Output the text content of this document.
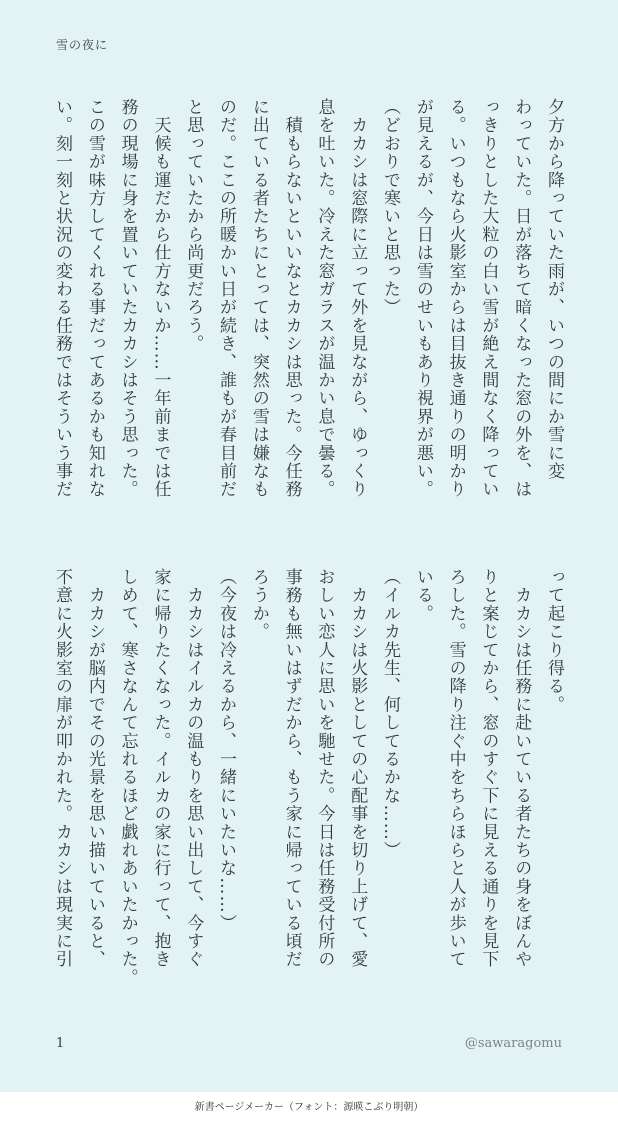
雪の夜に
夕方から降っていた雨が、いつの間にか雪に変
わっていた。日が落ちて暗くなった窓の外を、は
っきりとした大粒の白い雪が絶え間なく降ってい
る。いつもなら火影室からは目抜き通りの明かり
が見えるが、今日は雪のせいもあり視界が悪い。
（どおりで寒いと思った）
　カカシは窓際に立って外を見ながら、ゆっくり
息を吐いた。冷えた窓ガラスが温かい息で曇る。
　積もらないといいなとカカシは思った。今任務
に出ている者たちにとっては、突然の雪は嫌なも
のだ。ここの所暖かい日が続き、誰もが春目前だ
と思っていたから尚更だろう。
　天候も運だから仕方ないか……一年前までは任
務の現場に身を置いていたカカシはそう思った。
この雪が味方してくれる事だってあるかも知れな
い。刻一刻と状況の変わる任務ではそういう事だ
って起こり得る。
　カカシは任務に赴いている者たちの身をぼんや
りと案じてから、窓のすぐ下に見える通りを見下
ろした。雪の降り注ぐ中をちらほらと人が歩いて
いる。
（イルカ先生、何してるかな……）
　カカシは火影としての心配事を切り上げて、愛
おしい恋人に思いを馳せた。今日は任務受付所の
事務も無いはずだから、もう家に帰っている頃だ
ろうか。
（今夜は冷えるから、一緒にいたいな……）
　カカシはイルカの温もりを思い出して、今すぐ
家に帰りたくなった。イルカの家に行って、抱き
しめて、寒さなんて忘れるほど戯れあいたかった。
　カカシが脳内でその光景を思い描いていると、
不意に火影室の扉が叩かれた。カカシは現実に引
1	@sawaragomu
新書ページメーカー（フォント：源暎こぶり明朝）
